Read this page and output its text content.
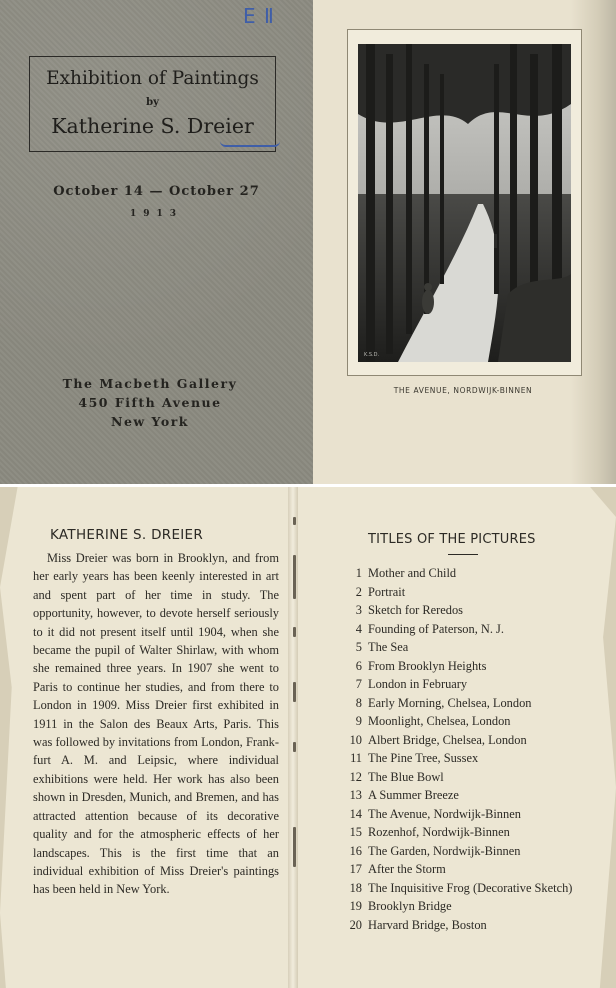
E Ⅱ
Exhibition of Paintings
by
Katherine S. Dreier
October 14 — October 27
1913
The Macbeth Gallery
450 Fifth Avenue
New York
K.S.D.
THE AVENUE, NORDWIJK-BINNEN
KATHERINE S. DREIER
Miss Dreier was born in Brooklyn, and from her early years has been keenly interested in art and spent part of her time in study. The opportunity, however, to devote herself seriously to it did not present itself until 1904, when she became the pupil of Walter Shirlaw, with whom she remained three years. In 1907 she went to Paris to continue her studies, and from there to London in 1909. Miss Dreier first exhibited in 1911 in the Salon des Beaux Arts, Paris. This was followed by invitations from London, Frankfurt A. M. and Leipsic, where individual exhibitions were held. Her work has also been shown in Dresden, Munich, and Bremen, and has attracted attention because of its decorative quality and for the atmospheric effects of her landscapes. This is the first time that an individual exhibition of Miss Dreier's paintings has been held in New York.
TITLES OF THE PICTURES
1 Mother and Child
2 Portrait
3 Sketch for Reredos
4 Founding of Paterson, N. J.
5 The Sea
6 From Brooklyn Heights
7 London in February
8 Early Morning, Chelsea, London
9 Moonlight, Chelsea, London
10 Albert Bridge, Chelsea, London
11 The Pine Tree, Sussex
12 The Blue Bowl
13 A Summer Breeze
14 The Avenue, Nordwijk-Binnen
15 Rozenhof, Nordwijk-Binnen
16 The Garden, Nordwijk-Binnen
17 After the Storm
18 The Inquisitive Frog (Decorative Sketch)
19 Brooklyn Bridge
20 Harvard Bridge, Boston
